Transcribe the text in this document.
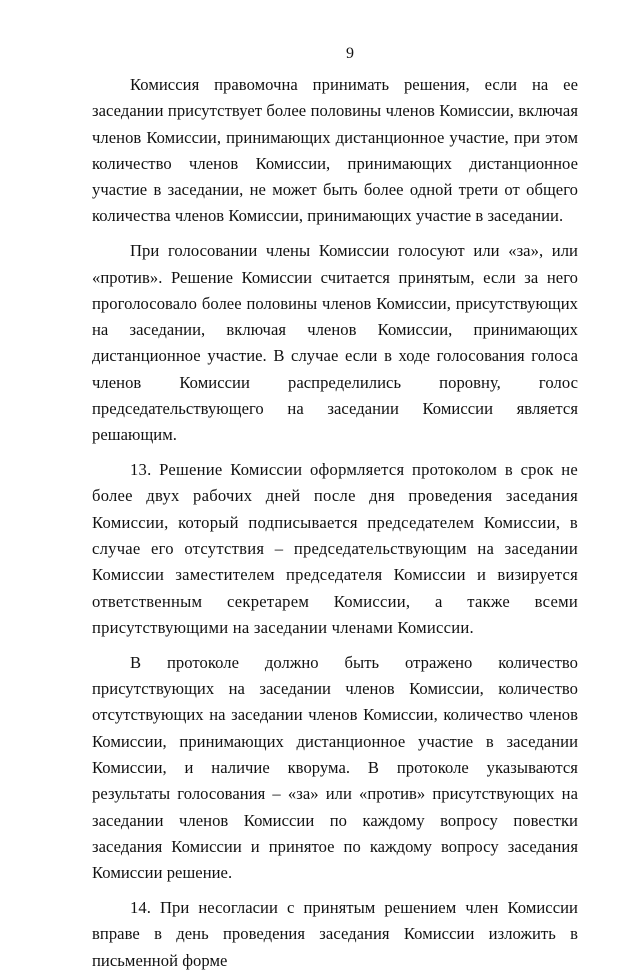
9

Комиссия правомочна принимать решения, если на ее заседании присутствует более половины членов Комиссии, включая членов Комиссии, принимающих дистанционное участие, при этом количество членов Комиссии, принимающих дистанционное участие в заседании, не может быть более одной трети от общего количества членов Комиссии, принимающих участие в заседании.

При голосовании члены Комиссии голосуют или «за», или «против». Решение Комиссии считается принятым, если за него проголосовало более половины членов Комиссии, присутствующих на заседании, включая членов Комиссии, принимающих дистанционное участие. В случае если в ходе голосования голоса членов Комиссии распределились поровну, голос председательствующего на заседании Комиссии является решающим.

13. Решение Комиссии оформляется протоколом в срок не более двух рабочих дней после дня проведения заседания Комиссии, который подписывается председателем Комиссии, в случае его отсутствия – председательствующим на заседании Комиссии заместителем председателя Комиссии и визируется ответственным секретарем Комиссии, а также всеми присутствующими на заседании членами Комиссии.

В протоколе должно быть отражено количество присутствующих на заседании членов Комиссии, количество отсутствующих на заседании членов Комиссии, количество членов Комиссии, принимающих дистанционное участие в заседании Комиссии, и наличие кворума. В протоколе указываются результаты голосования – «за» или «против» присутствующих на заседании членов Комиссии по каждому вопросу повестки заседания Комиссии и принятое по каждому вопросу заседания Комиссии решение.

14. При несогласии с принятым решением член Комиссии вправе в день проведения заседания Комиссии изложить в письменной форме
